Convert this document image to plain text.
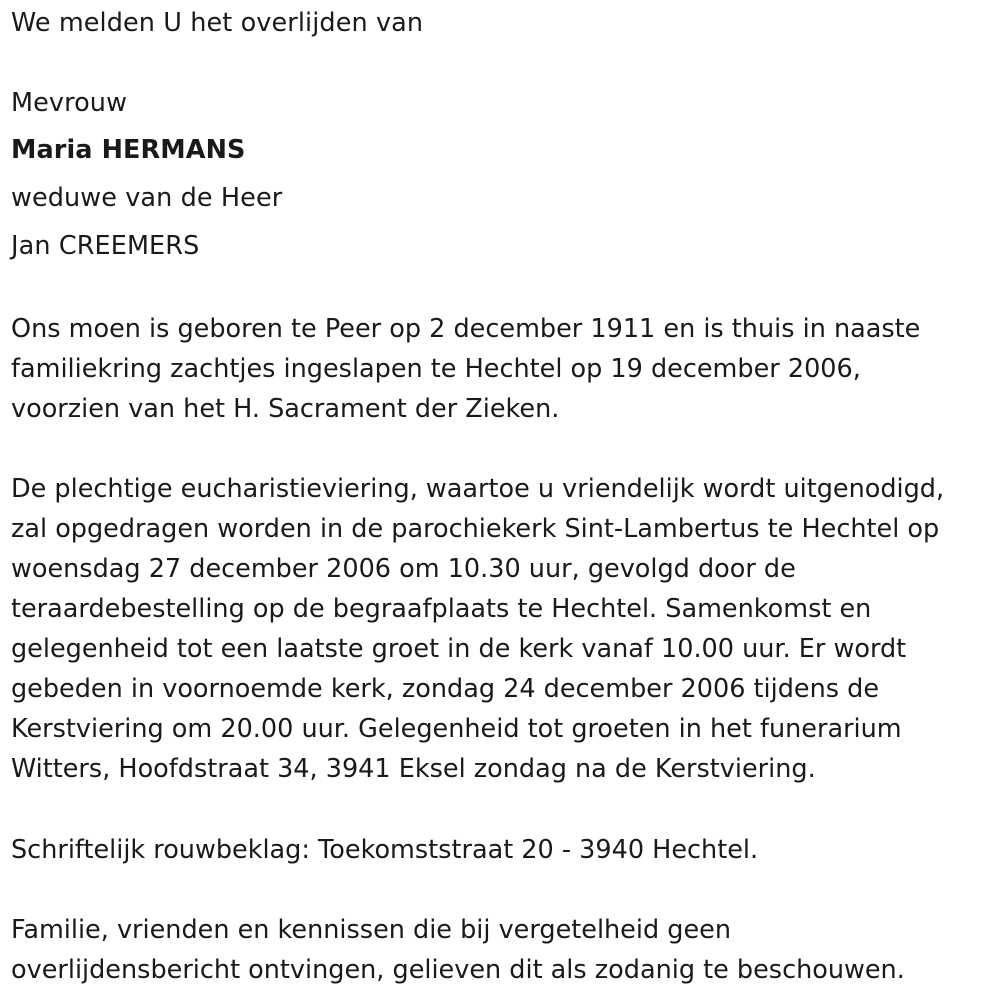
We melden U het overlijden van

Mevrouw

Maria HERMANS

weduwe van de Heer

Jan CREEMERS

Ons moen is geboren te Peer op 2 december 1911 en is thuis in naaste
familiekring zachtjes ingeslapen te Hechtel op 19 december 2006,
voorzien van het H. Sacrament der Zieken.
De plechtige eucharistieviering, waartoe u vriendelijk wordt uitgenodigd,
zal opgedragen worden in de parochiekerk Sint-Lambertus te Hechtel op
woensdag 27 december 2006 om 10.30 uur, gevolgd door de
teraardebestelling op de begraafplaats te Hechtel. Samenkomst en
gelegenheid tot een laatste groet in de kerk vanaf 10.00 uur. Er wordt
gebeden in voornoemde kerk, zondag 24 december 2006 tijdens de
Kerstviering om 20.00 uur. Gelegenheid tot groeten in het funerarium
Witters, Hoofdstraat 34, 3941 Eksel zondag na de Kerstviering.
Schriftelijk rouwbeklag: Toekomststraat 20 - 3940 Hechtel.
Familie, vrienden en kennissen die bij vergetelheid geen
overlijdensbericht ontvingen, gelieven dit als zodanig te beschouwen.
